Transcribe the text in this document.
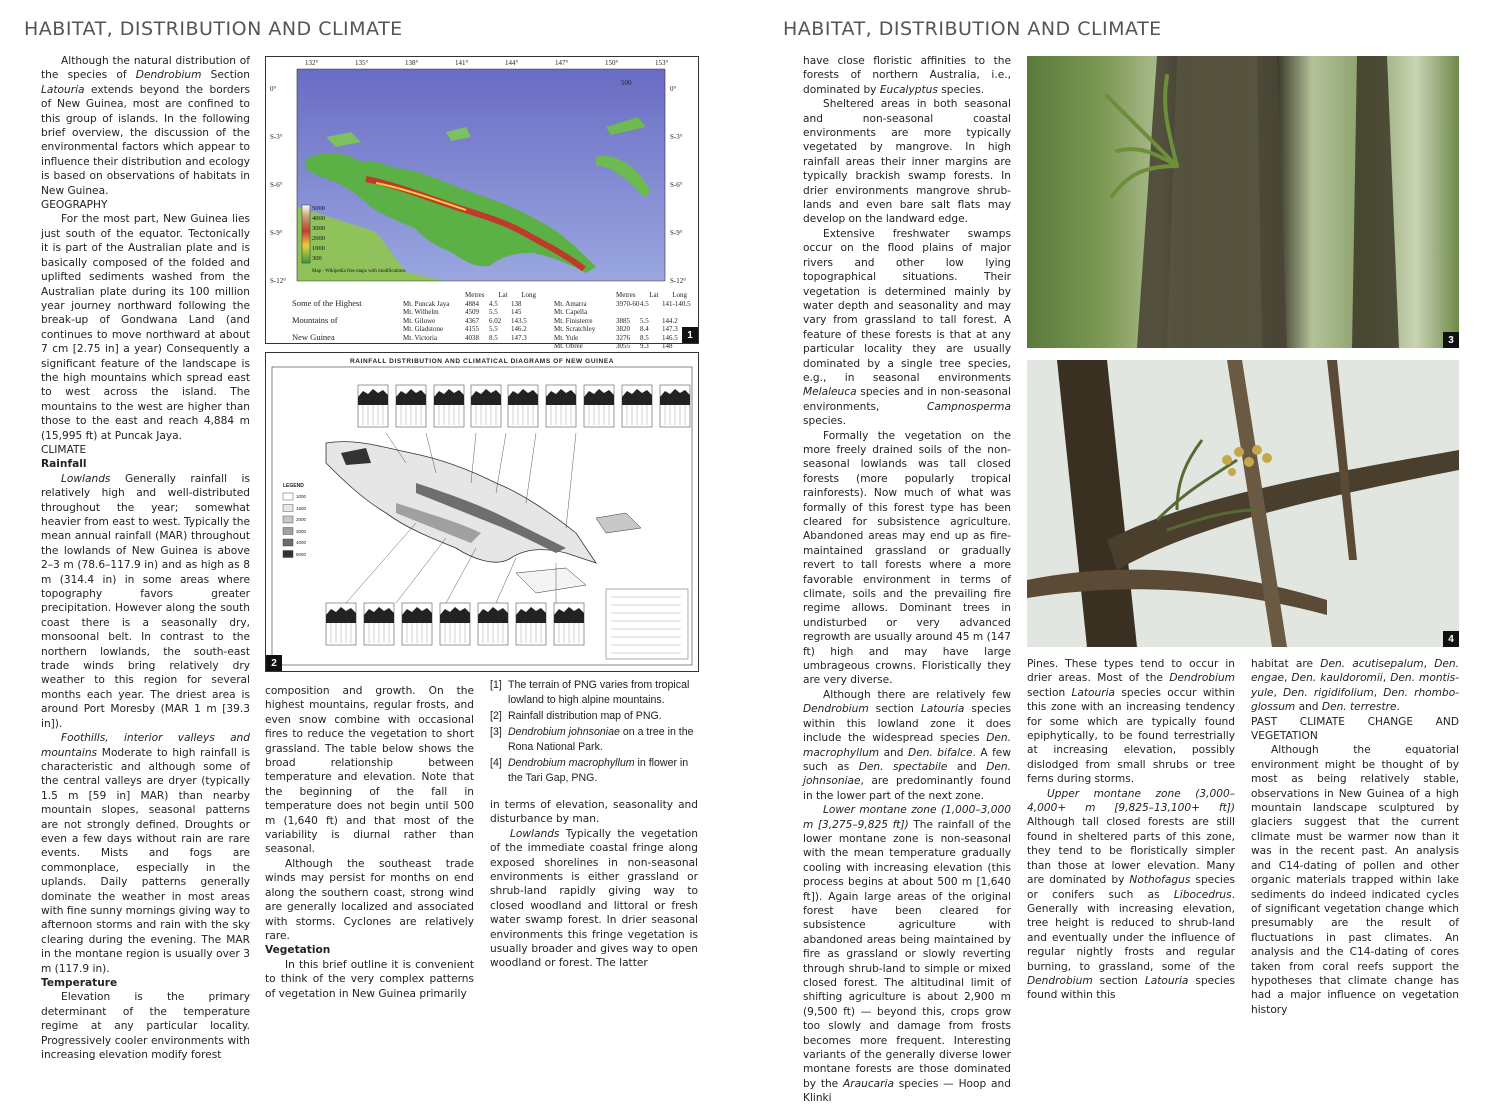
HABITAT, DISTRIBUTION AND CLIMATE	HABITAT, DISTRIBUTION AND CLIMATE

Although the natural distribution of the species of Dendrobium Section Latouria extends beyond the borders of New Guinea, most are confined to this group of islands. In the following brief overview, the discussion of the environmental factors which appear to influence their distribution and ecology is based on observations of habitats in New Guinea.

GEOGRAPHY

For the most part, New Guinea lies just south of the equator. Tectonically it is part of the Australian plate and is basically composed of the folded and uplifted sediments washed from the Australian plate during its 100 million year journey northward following the break-up of Gondwana Land (and continues to move northward at about 7 cm [2.75 in] a year) Consequently a significant feature of the landscape is the high mountains which spread east to west across the island. The mountains to the west are higher than those to the east and reach 4,884 m (15,995 ft) at Puncak Jaya.

CLIMATE

Rainfall

Lowlands Generally rainfall is relatively high and well-distributed throughout the year; somewhat heavier from east to west. Typically the mean annual rainfall (MAR) throughout the lowlands of New Guinea is above 2–3 m (78.6–117.9 in) and as high as 8 m (314.4 in) in some areas where topography favors greater precipitation. However along the south coast there is a seasonally dry, monsoonal belt. In contrast to the northern lowlands, the south-east trade winds bring relatively dry weather to this region for several months each year. The driest area is around Port Moresby (MAR 1 m [39.3 in]).

Foothills, interior valleys and mountains Moderate to high rainfall is characteristic and although some of the central valleys are dryer (typically 1.5 m [59 in] MAR) than nearby mountain slopes, seasonal patterns are not strongly defined. Droughts or even a few days without rain are rare events. Mists and fogs are commonplace, especially in the uplands. Daily patterns generally dominate the weather in most areas with fine sunny mornings giving way to afternoon storms and rain with the sky clearing during the evening. The MAR in the montane region is usually over 3 m (117.9 in).

Temperature

Elevation is the primary determinant of the temperature regime at any particular locality. Progressively cooler environments with increasing elevation modify forest

132°	135°	138°	141°	144°	147°	150°	153°
0°
S-3°
S-6°
S-9°
S-12°
0°
S-3°
S-6°
S-9°
S-12°
5000
4000
3000
2000
1000
300
500
Map - Wikipedia free maps with modifications
Some of the Highest
Mountains of
New Guinea
Metres Lat Long
Mt. Puncak Jaya	4884	4.5	138
Mt. Wilhelm	4509	5.5	145
Mt. Giluwe	4367	6.02	143.5
Mt. Gladstone	4155	5.5	146.2
Mt. Victoria	4038	8.5	147.3
Metres Lat Long
Mt. Amarra	3970-60 4.5	141-140.5
Mt. Capella
Mt. Finisterre	3885	5.5	144.2
Mt. Scratchley	3820	8.4	147.3
Mt. Yule	3276	8.5	146.5
Mt. Obree	3055	9.3	148
1
RAINFALL DISTRIBUTION AND CLIMATICAL DIAGRAMS OF NEW GUINEA
LEGEND
1000
1500
2000
3000
4000
5000
2

composition and growth. On the highest mountains, regular frosts, and even snow combine with occasional fires to reduce the vegetation to short grassland. The table below shows the broad relationship between temperature and elevation. Note that the beginning of the fall in temperature does not begin until 500 m (1,640 ft) and that most of the variability is diurnal rather than seasonal.

Although the southeast trade winds may persist for months on end along the southern coast, strong wind are generally localized and associated with storms. Cyclones are relatively rare.

Vegetation

In this brief outline it is convenient to think of the very complex patterns of vegetation in New Guinea primarily

[1] The terrain of PNG varies from tropical lowland to high alpine mountains.
[2] Rainfall distribution map of PNG.
[3] Dendrobium johnsoniae on a tree in the Rona National Park.
[4] Dendrobium macrophyllum in flower in the Tari Gap, PNG.

in terms of elevation, seasonality and disturbance by man.

Lowlands Typically the vegetation of the immediate coastal fringe along exposed shorelines in non-seasonal environments is either grassland or shrub-land rapidly giving way to closed woodland and littoral or fresh water swamp forest. In drier seasonal environments this fringe vegetation is usually broader and gives way to open woodland or forest. The latter

have close floristic affinities to the forests of northern Australia, i.e., dominated by Eucalyptus species.

Sheltered areas in both seasonal and non-seasonal coastal environments are more typically vegetated by mangrove. In high rainfall areas their inner margins are typically brackish swamp forests. In drier environments mangrove shrub-lands and even bare salt flats may develop on the landward edge.

Extensive freshwater swamps occur on the flood plains of major rivers and other low lying topographical situations. Their vegetation is determined mainly by water depth and seasonality and may vary from grassland to tall forest. A feature of these forests is that at any particular locality they are usually dominated by a single tree species, e.g., in seasonal environments Melaleuca species and in non-seasonal environments, Campnosperma species.

Formally the vegetation on the more freely drained soils of the non-seasonal lowlands was tall closed forests (more popularly tropical rainforests). Now much of what was formally of this forest type has been cleared for subsistence agriculture. Abandoned areas may end up as fire-maintained grassland or gradually revert to tall forests where a more favorable environment in terms of climate, soils and the prevailing fire regime allows. Dominant trees in undisturbed or very advanced regrowth are usually around 45 m (147 ft) high and may have large umbrageous crowns. Floristically they are very diverse.

Although there are relatively few Dendrobium section Latouria species within this lowland zone it does include the widespread species Den. macrophyllum and Den. bifalce. A few such as Den. spectabile and Den. johnsoniae, are predominantly found in the lower part of the next zone.

Lower montane zone (1,000–3,000 m [3,275–9,825 ft]) The rainfall of the lower montane zone is non-seasonal with the mean temperature gradually cooling with increasing elevation (this process begins at about 500 m [1,640 ft]). Again large areas of the original forest have been cleared for subsistence agriculture with abandoned areas being maintained by fire as grassland or slowly reverting through shrub-land to simple or mixed closed forest. The altitudinal limit of shifting agriculture is about 2,900 m (9,500 ft) — beyond this, crops grow too slowly and damage from frosts becomes more frequent. Interesting variants of the generally diverse lower montane forests are those dominated by the Araucaria species — Hoop and Klinki

3
4

Pines. These types tend to occur in drier areas. Most of the Dendrobium section Latouria species occur within this zone with an increasing tendency for some which are typically found epiphytically, to be found terrestrially at increasing elevation, possibly dislodged from small shrubs or tree ferns during storms.

Upper montane zone (3,000–4,000+ m [9,825–13,100+ ft]) Although tall closed forests are still found in sheltered parts of this zone, they tend to be floristically simpler than those at lower elevation. Many are dominated by Nothofagus species or conifers such as Libocedrus. Generally with increasing elevation, tree height is reduced to shrub-land and eventually under the influence of regular nightly frosts and regular burning, to grassland, some of the Dendrobium section Latouria species found within this

habitat are Den. acutisepalum, Den. engae, Den. kauldoromii, Den. montis-yule, Den. rigidifolium, Den. rhomboglossum and Den. terrestre.

PAST CLIMATE CHANGE AND VEGETATION

Although the equatorial environment might be thought of by most as being relatively stable, observations in New Guinea of a high mountain landscape sculptured by glaciers suggest that the current climate must be warmer now than it was in the recent past. An analysis and C14-dating of pollen and other organic materials trapped within lake sediments do indeed indicated cycles of significant vegetation change which presumably are the result of fluctuations in past climates. An analysis and the C14-dating of cores taken from coral reefs support the hypotheses that climate change has had a major influence on vegetation history
